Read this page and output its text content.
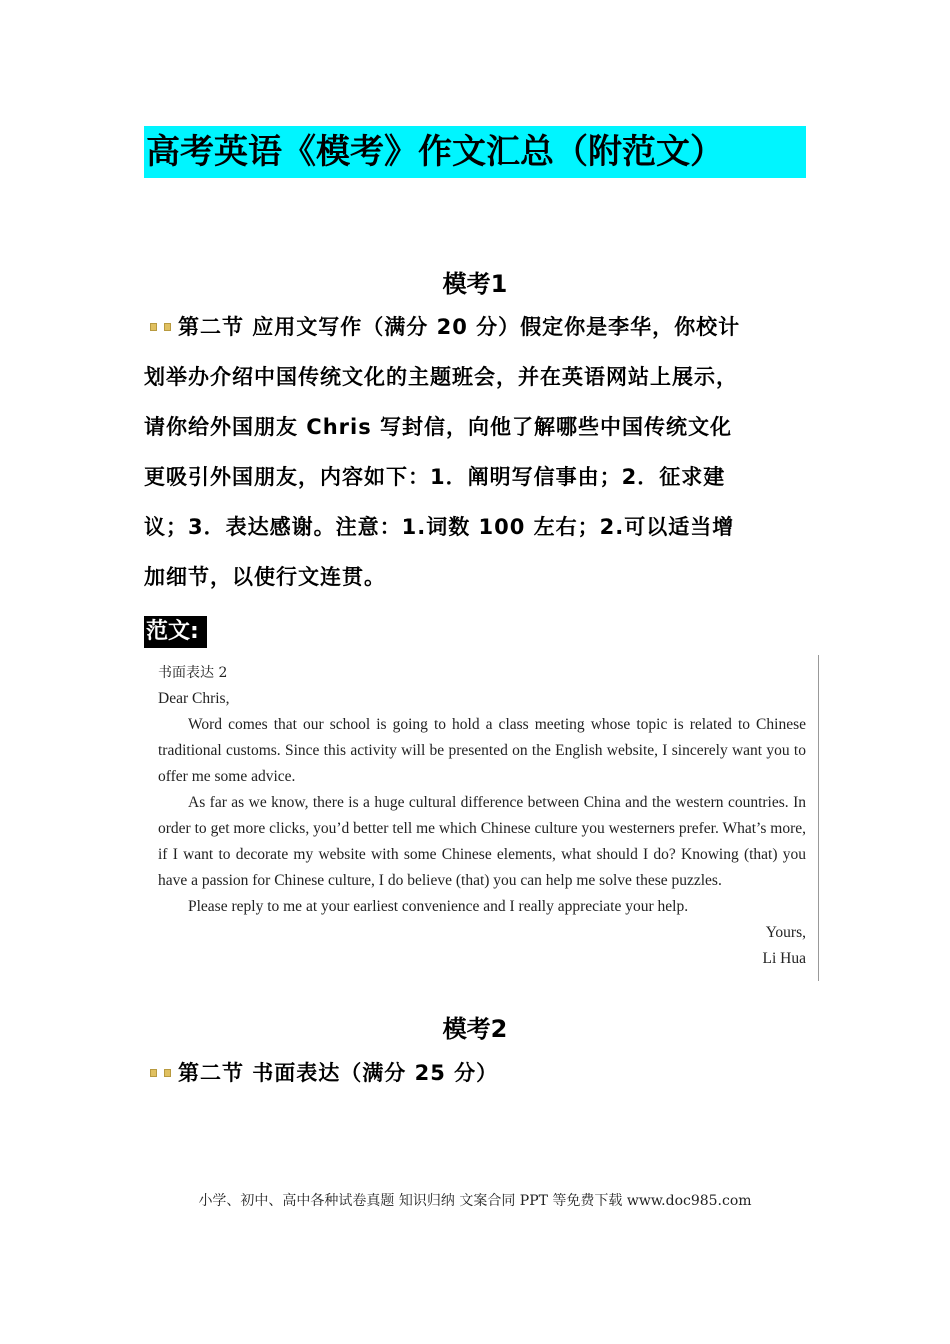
高考英语《模考》作文汇总（附范文）
模考1
第二节 应用文写作（满分 20 分）假定你是李华，你校计
划举办介绍中国传统文化的主题班会，并在英语网站上展示，
请你给外国朋友 Chris 写封信，向他了解哪些中国传统文化
更吸引外国朋友，内容如下：1．阐明写信事由；2．征求建
议；3．表达感谢。注意：1.词数 100 左右；2.可以适当增
加细节，以使行文连贯。
范文:

书面表达 2

Dear Chris,

Word comes that our school is going to hold a class meeting whose topic is related to Chinese traditional customs. Since this activity will be presented on the English website, I sincerely want you to offer me some advice.

As far as we know, there is a huge cultural difference between China and the western countries. In order to get more clicks, you’d better tell me which Chinese culture you westerners prefer. What’s more, if I want to decorate my website with some Chinese elements, what should I do? Knowing (that) you have a passion for Chinese culture, I do believe (that) you can help me solve these puzzles.

Please reply to me at your earliest convenience and I really appreciate your help.

Yours,

Li Hua

模考2
第二节 书面表达（满分 25 分）
小学、初中、高中各种试卷真题 知识归纳 文案合同 PPT 等免费下载 www.doc985.com
